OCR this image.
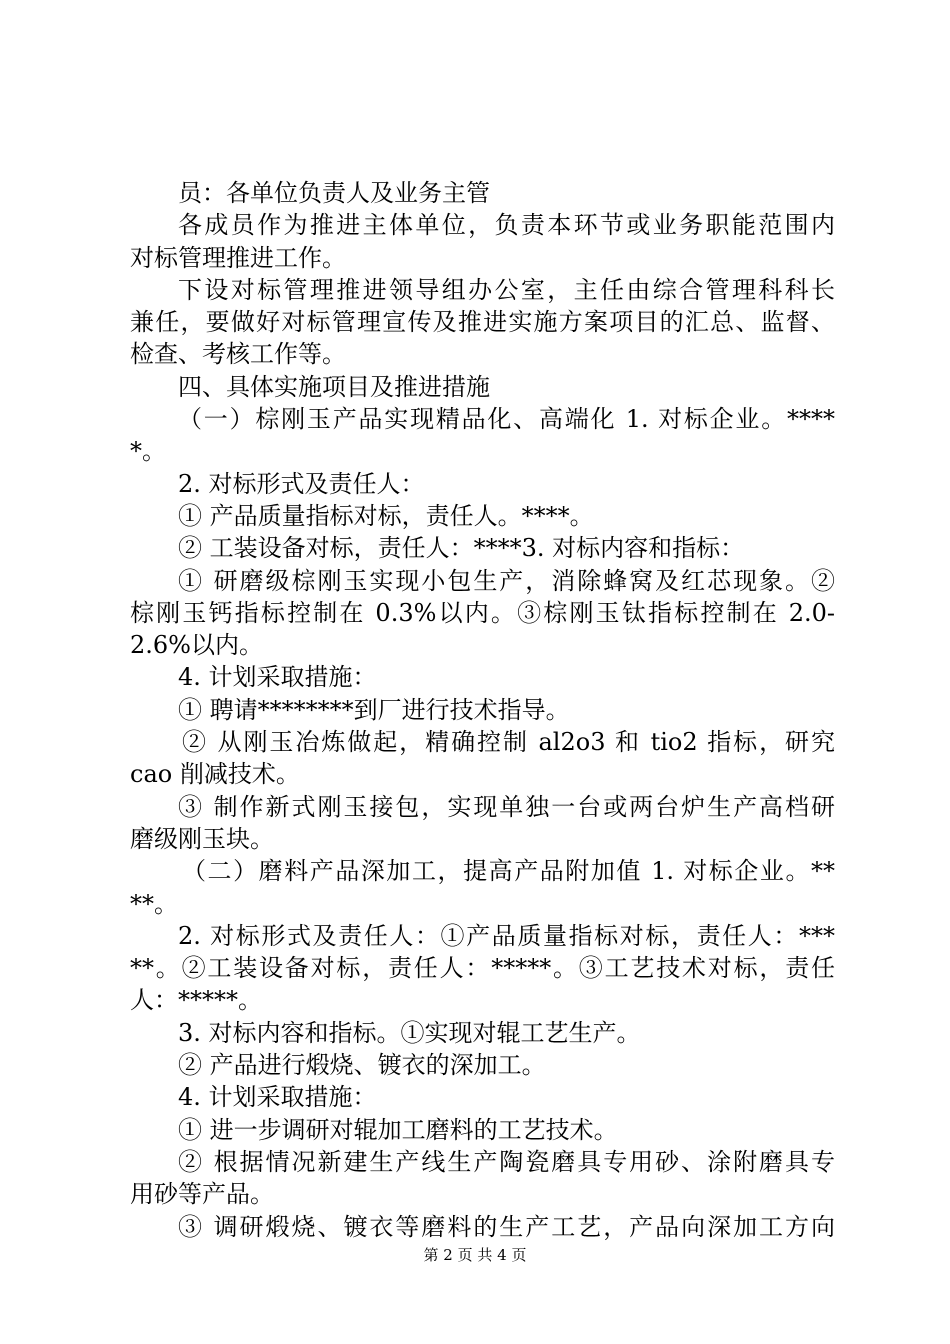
员：各单位负责人及业务主管
各成员作为推进主体单位，负责本环节或业务职能范围内
对标管理推进工作。
下设对标管理推进领导组办公室，主任由综合管理科科长
兼任，要做好对标管理宣传及推进实施方案项目的汇总、监督、
检查、考核工作等。
四、具体实施项目及推进措施
（一）棕刚玉产品实现精品化、高端化 1. 对标企业。****
*。
2. 对标形式及责任人：
① 产品质量指标对标，责任人。****。
② 工装设备对标，责任人：****3. 对标内容和指标：
① 研磨级棕刚玉实现小包生产，消除蜂窝及红芯现象。②
棕刚玉钙指标控制在 0.3%以内。③棕刚玉钛指标控制在 2.0-
2.6%以内。
4. 计划采取措施：
① 聘请********到厂进行技术指导。
② 从刚玉冶炼做起，精确控制 al2o3 和 tio2 指标，研究
cao 削减技术。
③ 制作新式刚玉接包，实现单独一台或两台炉生产高档研
磨级刚玉块。
（二）磨料产品深加工，提高产品附加值 1. 对标企业。**
**。
2. 对标形式及责任人：①产品质量指标对标，责任人：***
**。②工装设备对标，责任人：*****。③工艺技术对标，责任
人：*****。
3. 对标内容和指标。①实现对辊工艺生产。
② 产品进行煅烧、镀衣的深加工。
4. 计划采取措施：
① 进一步调研对辊加工磨料的工艺技术。
② 根据情况新建生产线生产陶瓷磨具专用砂、涂附磨具专
用砂等产品。
③ 调研煅烧、镀衣等磨料的生产工艺，产品向深加工方向
第 2 页 共 4 页
